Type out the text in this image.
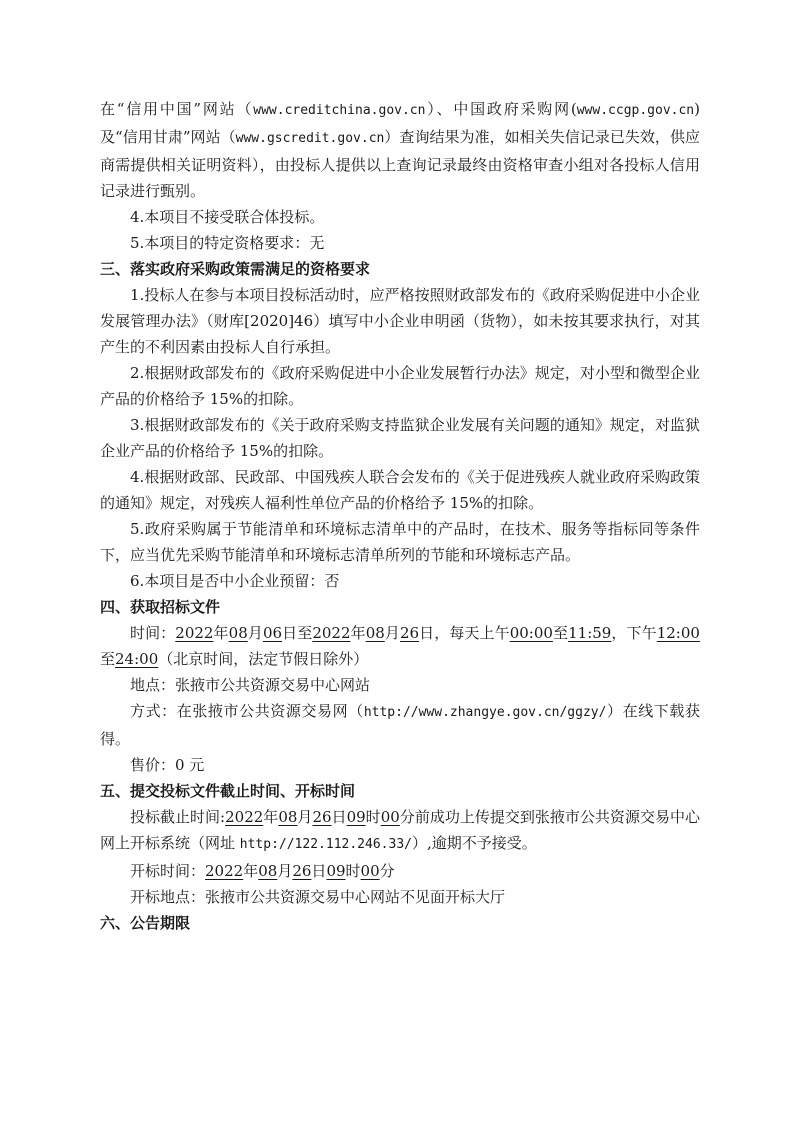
在“信用中国”网站（www.creditchina.gov.cn）、中国政府采购网(www.ccgp.gov.cn)及“信用甘肃”网站（www.gscredit.gov.cn）查询结果为准，如相关失信记录已失效，供应商需提供相关证明资料），由投标人提供以上查询记录最终由资格审查小组对各投标人信用记录进行甄别。

4.本项目不接受联合体投标。

5.本项目的特定资格要求：无

三、落实政府采购政策需满足的资格要求

1.投标人在参与本项目投标活动时，应严格按照财政部发布的《政府采购促进中小企业发展管理办法》（财库[2020]46）填写中小企业申明函（货物），如未按其要求执行，对其产生的不利因素由投标人自行承担。

2.根据财政部发布的《政府采购促进中小企业发展暂行办法》规定，对小型和微型企业产品的价格给予 15%的扣除。

3.根据财政部发布的《关于政府采购支持监狱企业发展有关问题的通知》规定，对监狱企业产品的价格给予 15%的扣除。

4.根据财政部、民政部、中国残疾人联合会发布的《关于促进残疾人就业政府采购政策的通知》规定，对残疾人福利性单位产品的价格给予 15%的扣除。

5.政府采购属于节能清单和环境标志清单中的产品时，在技术、服务等指标同等条件下，应当优先采购节能清单和环境标志清单所列的节能和环境标志产品。

6.本项目是否中小企业预留：否

四、获取招标文件

时间：2022年08月06日至2022年08月26日，每天上午00:00至11:59，下午12:00至24:00（北京时间，法定节假日除外）

地点：张掖市公共资源交易中心网站

方式：在张掖市公共资源交易网（http://www.zhangye.gov.cn/ggzy/）在线下载获得。

售价：0 元

五、提交投标文件截止时间、开标时间

投标截止时间:2022年08月26日09时00分前成功上传提交到张掖市公共资源交易中心网上开标系统（网址 http://122.112.246.33/）,逾期不予接受。

开标时间：2022年08月26日09时00分

开标地点：张掖市公共资源交易中心网站不见面开标大厅

六、公告期限
